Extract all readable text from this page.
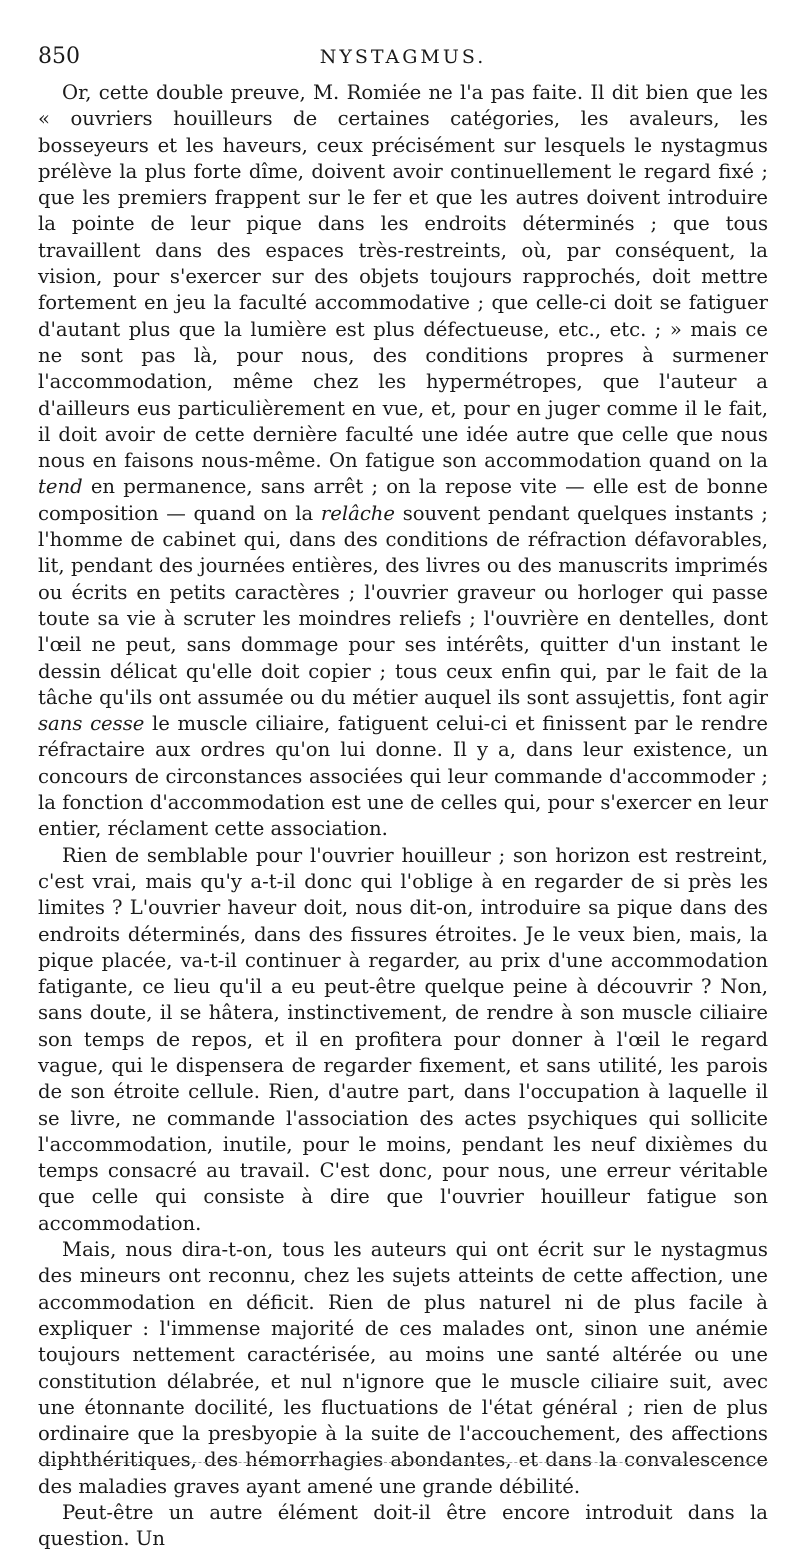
850	NYSTAGMUS.

Or, cette double preuve, M. Romiée ne l'a pas faite. Il dit bien que les « ouvriers houilleurs de certaines catégories, les avaleurs, les bosseyeurs et les haveurs, ceux précisément sur lesquels le nystagmus prélève la plus forte dîme, doivent avoir continuellement le regard fixé ; que les premiers frappent sur le fer et que les autres doivent introduire la pointe de leur pique dans les endroits déterminés ; que tous travaillent dans des espaces très-restreints, où, par conséquent, la vision, pour s'exercer sur des objets toujours rapprochés, doit mettre fortement en jeu la faculté accommodative ; que celle-ci doit se fatiguer d'autant plus que la lumière est plus défectueuse, etc., etc. ; » mais ce ne sont pas là, pour nous, des conditions propres à surmener l'accommodation, même chez les hypermétropes, que l'auteur a d'ailleurs eus particulièrement en vue, et, pour en juger comme il le fait, il doit avoir de cette dernière faculté une idée autre que celle que nous nous en faisons nous-même. On fatigue son accommodation quand on la tend en permanence, sans arrêt ; on la repose vite — elle est de bonne composition — quand on la relâche souvent pendant quelques instants ; l'homme de cabinet qui, dans des conditions de réfraction défavorables, lit, pendant des journées entières, des livres ou des manuscrits imprimés ou écrits en petits caractères ; l'ouvrier graveur ou horloger qui passe toute sa vie à scruter les moindres reliefs ; l'ouvrière en dentelles, dont l'œil ne peut, sans dommage pour ses intérêts, quitter d'un instant le dessin délicat qu'elle doit copier ; tous ceux enfin qui, par le fait de la tâche qu'ils ont assumée ou du métier auquel ils sont assujettis, font agir sans cesse le muscle ciliaire, fatiguent celui-ci et finissent par le rendre réfractaire aux ordres qu'on lui donne. Il y a, dans leur existence, un concours de circonstances associées qui leur commande d'accommoder ; la fonction d'accommodation est une de celles qui, pour s'exercer en leur entier, réclament cette association.

Rien de semblable pour l'ouvrier houilleur ; son horizon est restreint, c'est vrai, mais qu'y a-t-il donc qui l'oblige à en regarder de si près les limites ? L'ouvrier haveur doit, nous dit-on, introduire sa pique dans des endroits déterminés, dans des fissures étroites. Je le veux bien, mais, la pique placée, va-t-il continuer à regarder, au prix d'une accommodation fatigante, ce lieu qu'il a eu peut-être quelque peine à découvrir ? Non, sans doute, il se hâtera, instinctivement, de rendre à son muscle ciliaire son temps de repos, et il en profitera pour donner à l'œil le regard vague, qui le dispensera de regarder fixement, et sans utilité, les parois de son étroite cellule. Rien, d'autre part, dans l'occupation à laquelle il se livre, ne commande l'association des actes psychiques qui sollicite l'accommodation, inutile, pour le moins, pendant les neuf dixièmes du temps consacré au travail. C'est donc, pour nous, une erreur véritable que celle qui consiste à dire que l'ouvrier houilleur fatigue son accommodation.

Mais, nous dira-t-on, tous les auteurs qui ont écrit sur le nystagmus des mineurs ont reconnu, chez les sujets atteints de cette affection, une accommodation en déficit. Rien de plus naturel ni de plus facile à expliquer : l'immense majorité de ces malades ont, sinon une anémie toujours nettement caractérisée, au moins une santé altérée ou une constitution délabrée, et nul n'ignore que le muscle ciliaire suit, avec une étonnante docilité, les fluctuations de l'état général ; rien de plus ordinaire que la presbyopie à la suite de l'accouchement, des affections diphthéritiques, des hémorrhagies abondantes, et dans la convalescence des maladies graves ayant amené une grande débilité.

Peut-être un autre élément doit-il être encore introduit dans la question. Un
